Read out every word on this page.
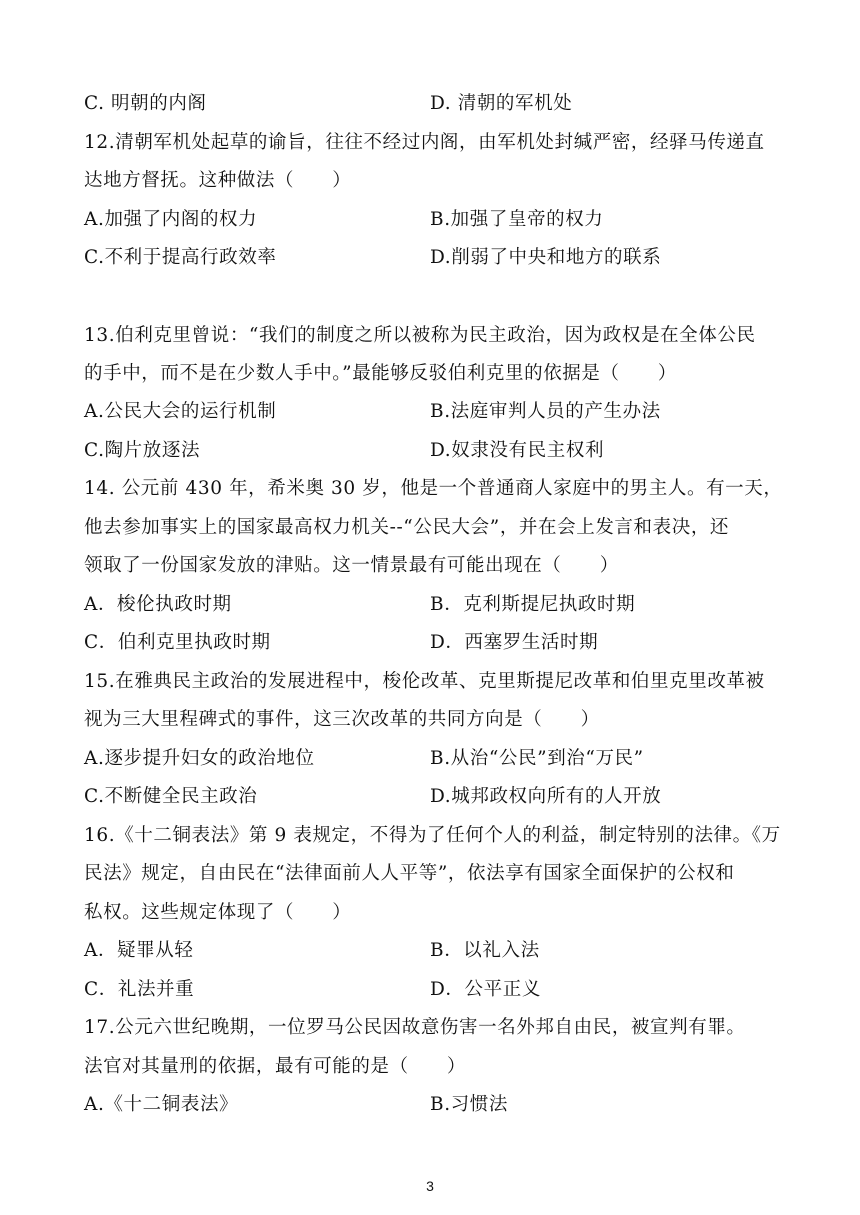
C. 明朝的内阁	D. 清朝的军机处
12.清朝军机处起草的谕旨，往往不经过内阁，由军机处封缄严密，经驿马传递直
达地方督抚。这种做法（　　）
A.加强了内阁的权力	B.加强了皇帝的权力
C.不利于提高行政效率	D.削弱了中央和地方的联系
13.伯利克里曾说：“我们的制度之所以被称为民主政治，因为政权是在全体公民
的手中，而不是在少数人手中。”最能够反驳伯利克里的依据是（　　）
A.公民大会的运行机制	B.法庭审判人员的产生办法
C.陶片放逐法	D.奴隶没有民主权利
14. 公元前 430 年，希米奥 30 岁，他是一个普通商人家庭中的男主人。有一天，
他去参加事实上的国家最高权力机关--“公民大会”，并在会上发言和表决，还
领取了一份国家发放的津贴。这一情景最有可能出现在（　　）
A．梭伦执政时期	B．克利斯提尼执政时期
C．伯利克里执政时期	D．西塞罗生活时期
15.在雅典民主政治的发展进程中，梭伦改革、克里斯提尼改革和伯里克里改革被
视为三大里程碑式的事件，这三次改革的共同方向是（　　）
A.逐步提升妇女的政治地位	B.从治“公民”到治“万民”
C.不断健全民主政治	D.城邦政权向所有的人开放
16.《十二铜表法》第 9 表规定，不得为了任何个人的利益，制定特别的法律。《万
民法》规定，自由民在“法律面前人人平等”，依法享有国家全面保护的公权和
私权。这些规定体现了（　　）
A．疑罪从轻	B．以礼入法
C．礼法并重	D．公平正义
17.公元六世纪晚期，一位罗马公民因故意伤害一名外邦自由民，被宣判有罪。
法官对其量刑的依据，最有可能的是（　　）
A.《十二铜表法》	B.习惯法
3
